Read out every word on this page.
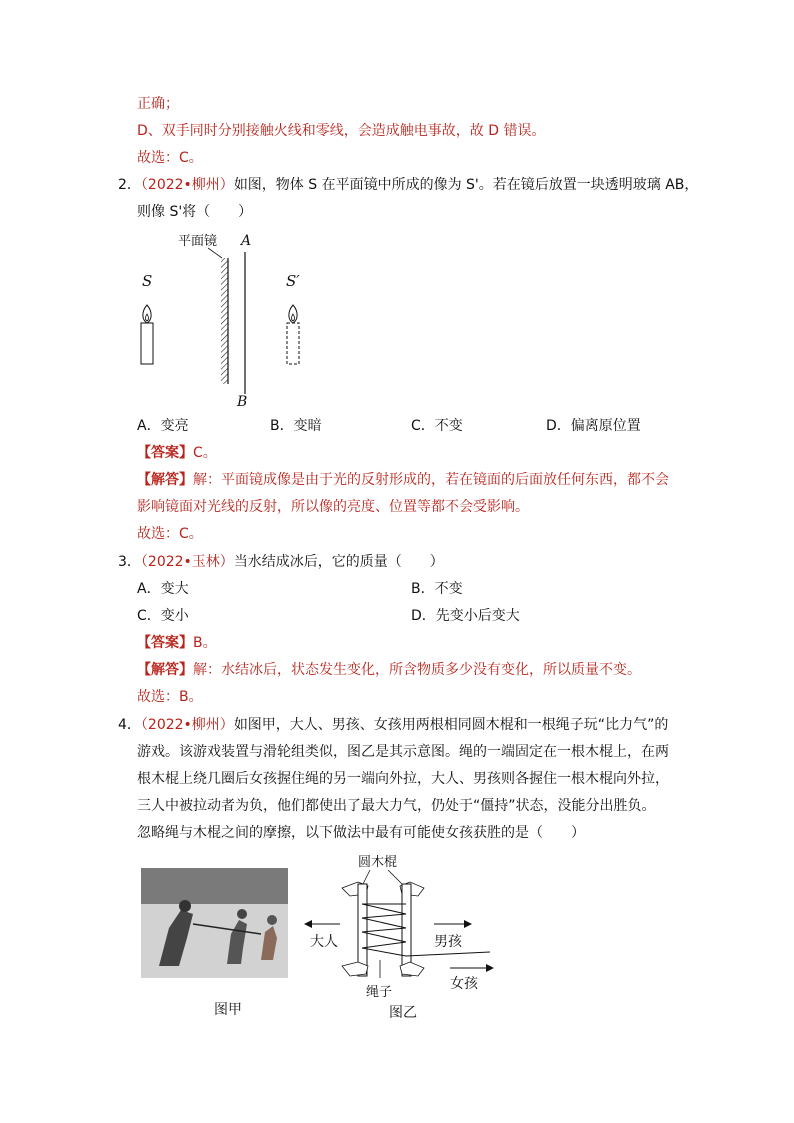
正确；
D、双手同时分别接触火线和零线，会造成触电事故，故 D 错误。
故选：C。
2．（2022•柳州）如图，物体 S 在平面镜中所成的像为 S'。若在镜后放置一块透明玻璃 AB，
则像 S'将（　　）
平面镜 A
B
S	S′
A．变亮	B．变暗	C．不变	D．偏离原位置
【答案】C。
【解答】解：平面镜成像是由于光的反射形成的，若在镜面的后面放任何东西，都不会
影响镜面对光线的反射，所以像的亮度、位置等都不会受影响。
故选：C。
3．（2022•玉林）当水结成冰后，它的质量（　　）
A．变大	B．不变
C．变小	D．先变小后变大
【答案】B。
【解答】解：水结冰后，状态发生变化，所含物质多少没有变化，所以质量不变。
故选：B。
4．（2022•柳州）如图甲，大人、男孩、女孩用两根相同圆木棍和一根绳子玩“比力气”的
游戏。该游戏装置与滑轮组类似，图乙是其示意图。绳的一端固定在一根木棍上，在两
根木棍上绕几圈后女孩握住绳的另一端向外拉，大人、男孩则各握住一根木棍向外拉，
三人中被拉动者为负，他们都使出了最大力气，仍处于“僵持”状态，没能分出胜负。
忽略绳与木棍之间的摩擦，以下做法中最有可能使女孩获胜的是（　　）
图甲
圆木棍
大人	男孩
女孩
绳子
图乙
